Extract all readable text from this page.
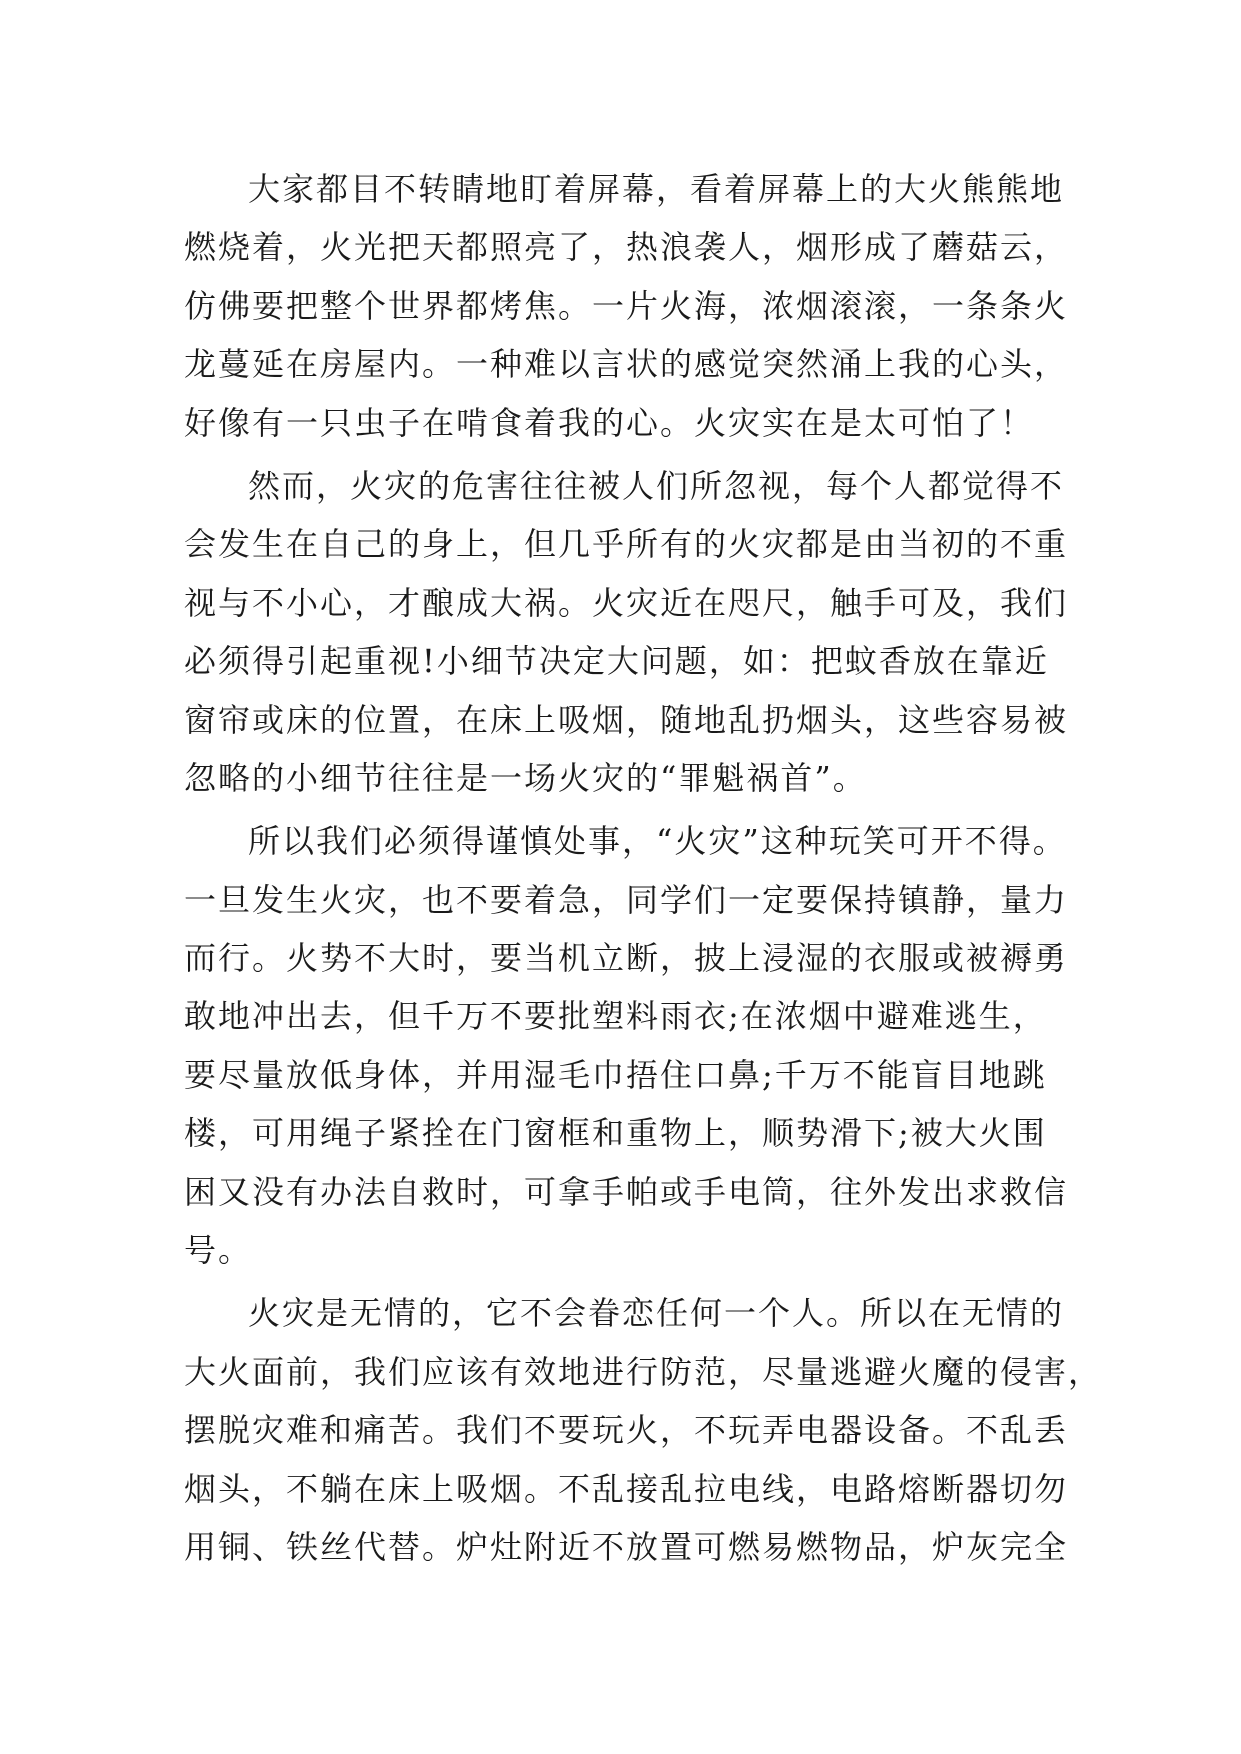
大家都目不转睛地盯着屏幕，看着屏幕上的大火熊熊地
燃烧着，火光把天都照亮了，热浪袭人，烟形成了蘑菇云，
仿佛要把整个世界都烤焦。一片火海，浓烟滚滚，一条条火
龙蔓延在房屋内。一种难以言状的感觉突然涌上我的心头，
好像有一只虫子在啃食着我的心。火灾实在是太可怕了！
然而，火灾的危害往往被人们所忽视，每个人都觉得不
会发生在自己的身上，但几乎所有的火灾都是由当初的不重
视与不小心，才酿成大祸。火灾近在咫尺，触手可及，我们
必须得引起重视!小细节决定大问题，如：把蚊香放在靠近
窗帘或床的位置，在床上吸烟，随地乱扔烟头，这些容易被
忽略的小细节往往是一场火灾的“罪魁祸首”。
所以我们必须得谨慎处事，“火灾”这种玩笑可开不得。
一旦发生火灾，也不要着急，同学们一定要保持镇静，量力
而行。火势不大时，要当机立断，披上浸湿的衣服或被褥勇
敢地冲出去，但千万不要批塑料雨衣;在浓烟中避难逃生，
要尽量放低身体，并用湿毛巾捂住口鼻;千万不能盲目地跳
楼，可用绳子紧拴在门窗框和重物上，顺势滑下;被大火围
困又没有办法自救时，可拿手帕或手电筒，往外发出求救信
号。
火灾是无情的，它不会眷恋任何一个人。所以在无情的
大火面前，我们应该有效地进行防范，尽量逃避火魔的侵害，
摆脱灾难和痛苦。我们不要玩火，不玩弄电器设备。不乱丢
烟头，不躺在床上吸烟。不乱接乱拉电线，电路熔断器切勿
用铜、铁丝代替。炉灶附近不放置可燃易燃物品，炉灰完全
